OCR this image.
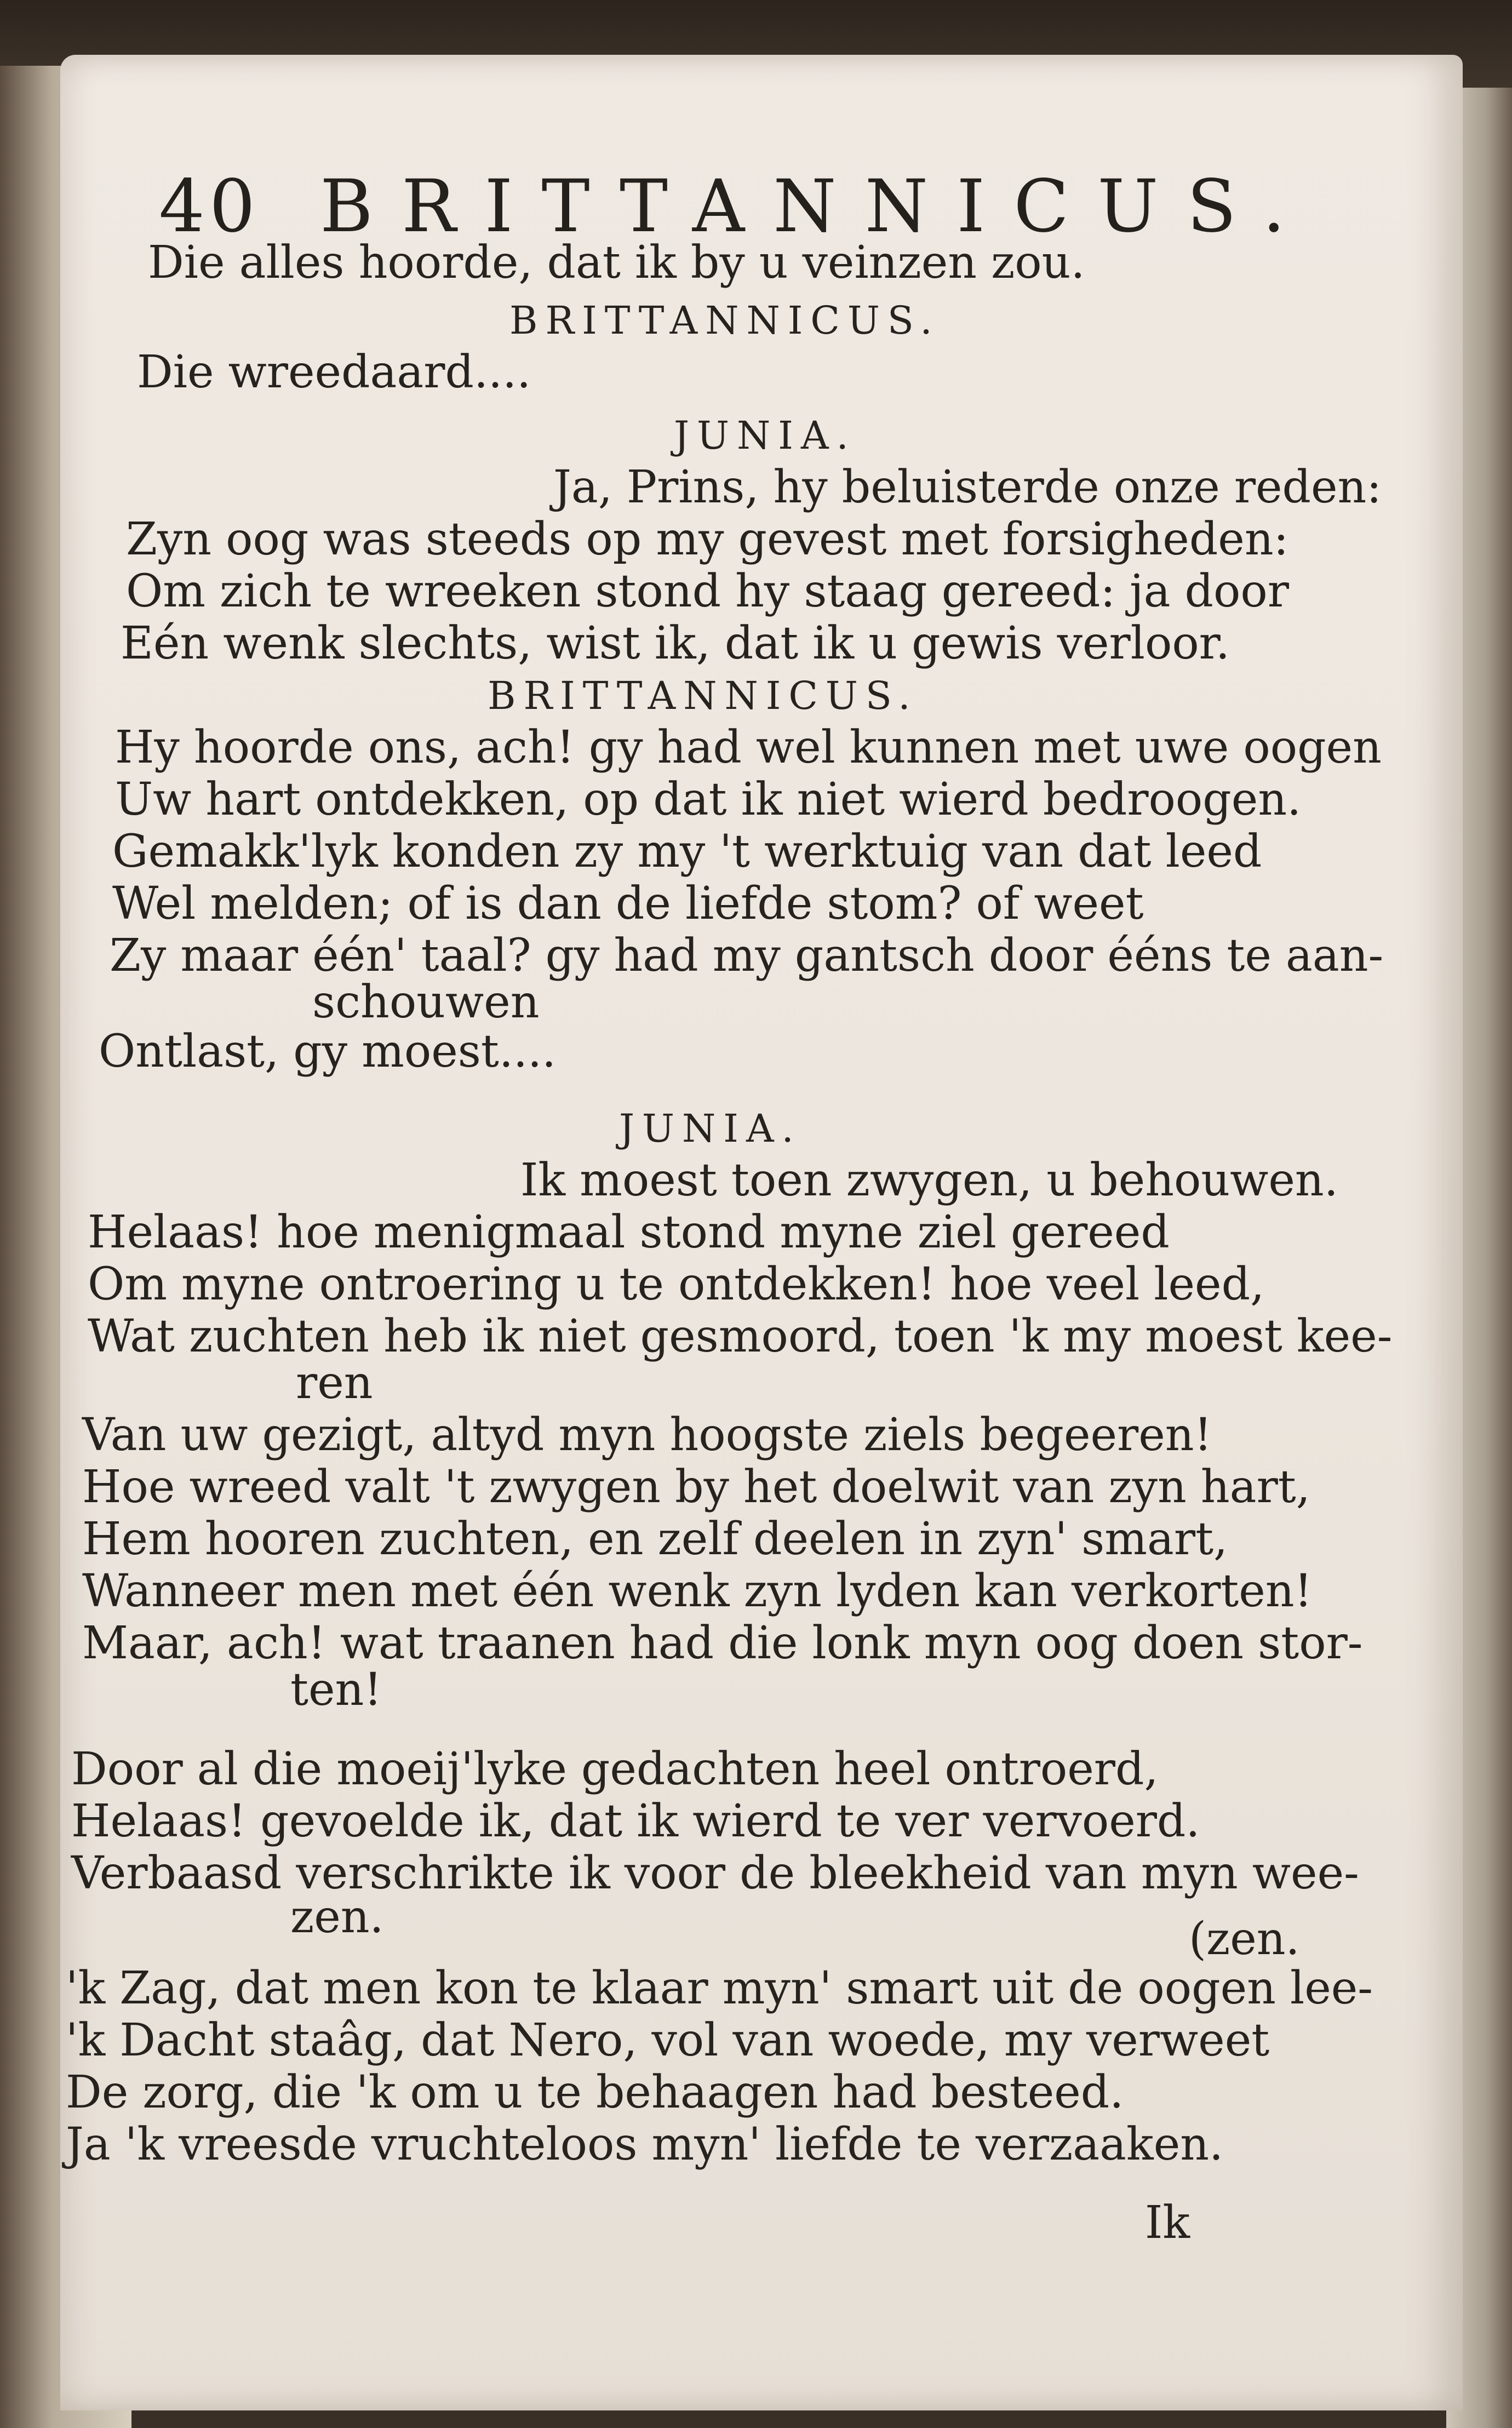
40 BRITTANNICUS.
Die alles hoorde, dat ik by u veinzen zou.
BRITTANNICUS.
Die wreedaard....
JUNIA.
Ja, Prins, hy beluisterde onze reden:
Zyn oog was steeds op my gevest met forsigheden:
Om zich te wreeken stond hy staag gereed: ja door
Eén wenk slechts, wist ik, dat ik u gewis verloor.
BRITTANNICUS.
Hy hoorde ons, ach! gy had wel kunnen met uwe oogen
Uw hart ontdekken, op dat ik niet wierd bedroogen.
Gemakk'lyk konden zy my 't werktuig van dat leed
Wel melden; of is dan de liefde stom? of weet
Zy maar één' taal? gy had my gantsch door ééns te aan-
schouwen
Ontlast, gy moest....
JUNIA.
Ik moest toen zwygen, u behouwen.
Helaas! hoe menigmaal stond myne ziel gereed
Om myne ontroering u te ontdekken! hoe veel leed,
Wat zuchten heb ik niet gesmoord, toen 'k my moest kee-
ren
Van uw gezigt, altyd myn hoogste ziels begeeren!
Hoe wreed valt 't zwygen by het doelwit van zyn hart,
Hem hooren zuchten, en zelf deelen in zyn' smart,
Wanneer men met één wenk zyn lyden kan verkorten!
Maar, ach! wat traanen had die lonk myn oog doen stor-
ten!
Door al die moeij'lyke gedachten heel ontroerd,
Helaas! gevoelde ik, dat ik wierd te ver vervoerd.
Verbaasd verschrikte ik voor de bleekheid van myn wee-
zen.	(zen.
'k Zag, dat men kon te klaar myn' smart uit de oogen lee-
'k Dacht staâg, dat Nero, vol van woede, my verweet
De zorg, die 'k om u te behaagen had besteed.
Ja 'k vreesde vruchteloos myn' liefde te verzaaken.
Ik
